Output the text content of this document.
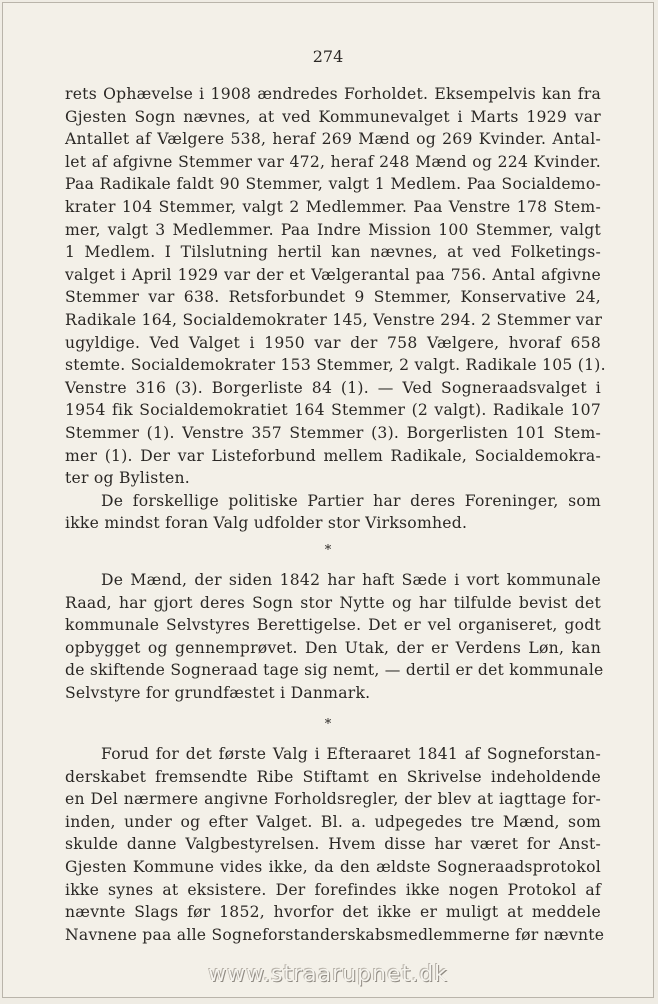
274
rets Ophævelse i 1908 ændredes Forholdet. Eksempelvis kan fra
Gjesten Sogn nævnes, at ved Kommunevalget i Marts 1929 var
Antallet af Vælgere 538, heraf 269 Mænd og 269 Kvinder. Antal-
let af afgivne Stemmer var 472, heraf 248 Mænd og 224 Kvinder.
Paa Radikale faldt 90 Stemmer, valgt 1 Medlem. Paa Socialdemo-
krater 104 Stemmer, valgt 2 Medlemmer. Paa Venstre 178 Stem-
mer, valgt 3 Medlemmer. Paa Indre Mission 100 Stemmer, valgt
1 Medlem. I Tilslutning hertil kan nævnes, at ved Folketings-
valget i April 1929 var der et Vælgerantal paa 756. Antal afgivne
Stemmer var 638. Retsforbundet 9 Stemmer, Konservative 24,
Radikale 164, Socialdemokrater 145, Venstre 294. 2 Stemmer var
ugyldige. Ved Valget i 1950 var der 758 Vælgere, hvoraf 658
stemte. Socialdemokrater 153 Stemmer, 2 valgt. Radikale 105 (1).
Venstre 316 (3). Borgerliste 84 (1). — Ved Sogneraadsvalget i
1954 fik Socialdemokratiet 164 Stemmer (2 valgt). Radikale 107
Stemmer (1). Venstre 357 Stemmer (3). Borgerlisten 101 Stem-
mer (1). Der var Listeforbund mellem Radikale, Socialdemokra-
ter og Bylisten.
De forskellige politiske Partier har deres Foreninger, som
ikke mindst foran Valg udfolder stor Virksomhed.
*
De Mænd, der siden 1842 har haft Sæde i vort kommunale
Raad, har gjort deres Sogn stor Nytte og har tilfulde bevist det
kommunale Selvstyres Berettigelse. Det er vel organiseret, godt
opbygget og gennemprøvet. Den Utak, der er Verdens Løn, kan
de skiftende Sogneraad tage sig nemt, — dertil er det kommunale
Selvstyre for grundfæstet i Danmark.
*
Forud for det første Valg i Efteraaret 1841 af Sogneforstan-
derskabet fremsendte Ribe Stiftamt en Skrivelse indeholdende
en Del nærmere angivne Forholdsregler, der blev at iagttage for-
inden, under og efter Valget. Bl. a. udpegedes tre Mænd, som
skulde danne Valgbestyrelsen. Hvem disse har været for Anst-
Gjesten Kommune vides ikke, da den ældste Sogneraadsprotokol
ikke synes at eksistere. Der forefindes ikke nogen Protokol af
nævnte Slags før 1852, hvorfor det ikke er muligt at meddele
Navnene paa alle Sogneforstanderskabsmedlemmerne før nævnte
www.straarupnet.dk
